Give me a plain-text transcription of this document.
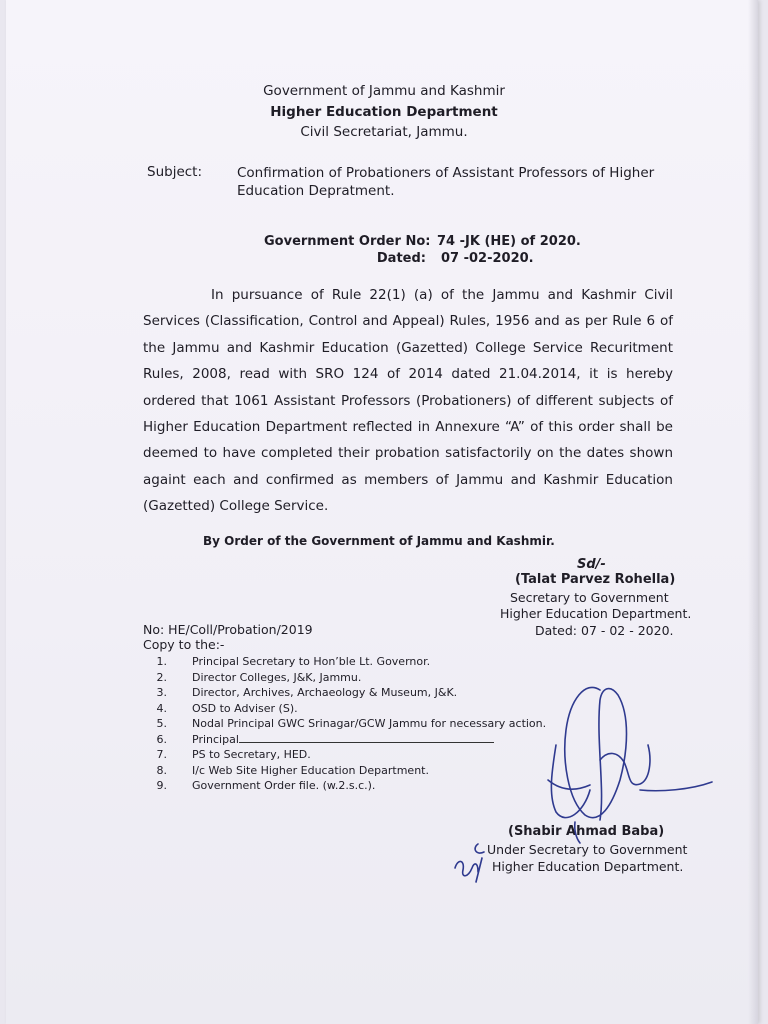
Government of Jammu and Kashmir
Higher Education Department
Civil Secretariat, Jammu.
Subject:	Confirmation of Probationers of Assistant Professors of Higher Education Depratment.
Government Order No: 74 -JK (HE) of 2020.
Dated: 07 -02-2020.
In pursuance of Rule 22(1) (a) of the Jammu and Kashmir Civil Services (Classification, Control and Appeal) Rules, 1956 and as per Rule 6 of the Jammu and Kashmir Education (Gazetted) College Service Recuritment Rules, 2008, read with SRO 124 of 2014 dated 21.04.2014, it is hereby ordered that 1061 Assistant Professors (Probationers) of different subjects of Higher Education Department reflected in Annexure “A” of this order shall be deemed to have completed their probation satisfactorily on the dates shown againt each and confirmed as members of Jammu and Kashmir Education (Gazetted) College Service.
By Order of the Government of Jammu and Kashmir.
Sd/-
(Talat Parvez Rohella)
Secretary to Government
Higher Education Department.
Dated: 07 - 02 - 2020.
No: HE/Coll/Probation/2019
Copy to the:-
1. Principal Secretary to Hon’ble Lt. Governor.
2. Director Colleges, J&K, Jammu.
3. Director, Archives, Archaeology & Museum, J&K.
4. OSD to Adviser (S).
5. Nodal Principal GWC Srinagar/GCW Jammu for necessary action.
6. Principal
7. PS to Secretary, HED.
8. I/c Web Site Higher Education Department.
9. Government Order file. (w.2.s.c.).
(Shabir Ahmad Baba)
Under Secretary to Government
Higher Education Department.
